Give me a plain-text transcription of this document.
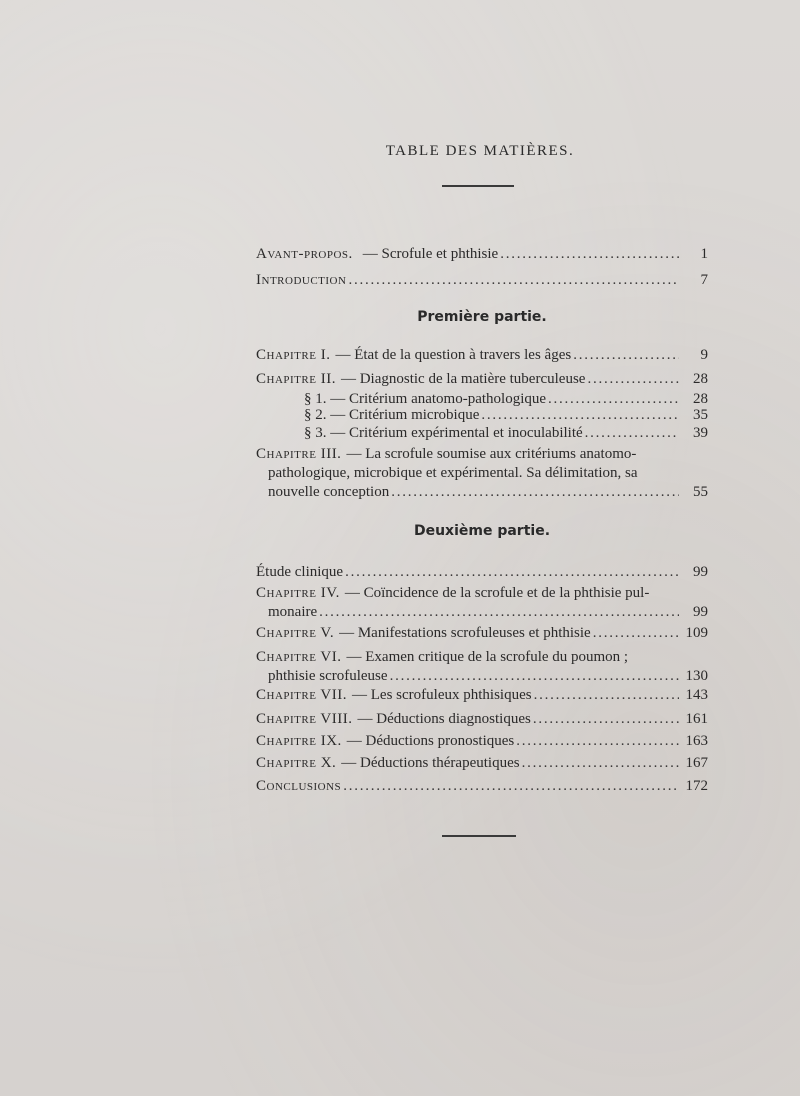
TABLE DES MATIÈRES.
Avant-propos. — Scrofule et phthisie . . .	1
Introduction . . .	7
Chapitre I. — État de la question à travers les âges . . .	9
Chapitre II. — Diagnostic de la matière tuberculeuse . . .	28
§ 1. — Critérium anatomo-pathologique . . .	28
§ 2. — Critérium microbique . . .	35
§ 3. — Critérium expérimental et inoculabilité . . .	39
Chapitre III. — La scrofule soumise aux critériums anatomo-
pathologique, microbique et expérimental. Sa délimitation, sa
nouvelle conception . . .	55
Étude clinique . . .	99
Chapitre IV. — Coïncidence de la scrofule et de la phthisie pul-
monaire . . .	99
Chapitre V. — Manifestations scrofuleuses et phthisie . . .	109
Chapitre VI. — Examen critique de la scrofule du poumon ;
phthisie scrofuleuse . . .	130
Chapitre VII. — Les scrofuleux phthisiques . . .	143
Chapitre VIII. — Déductions diagnostiques . . .	161
Chapitre IX. — Déductions pronostiques . . .	163
Chapitre X. — Déductions thérapeutiques . . .	167
Conclusions . . .	172
Première partie.
Deuxième partie.
